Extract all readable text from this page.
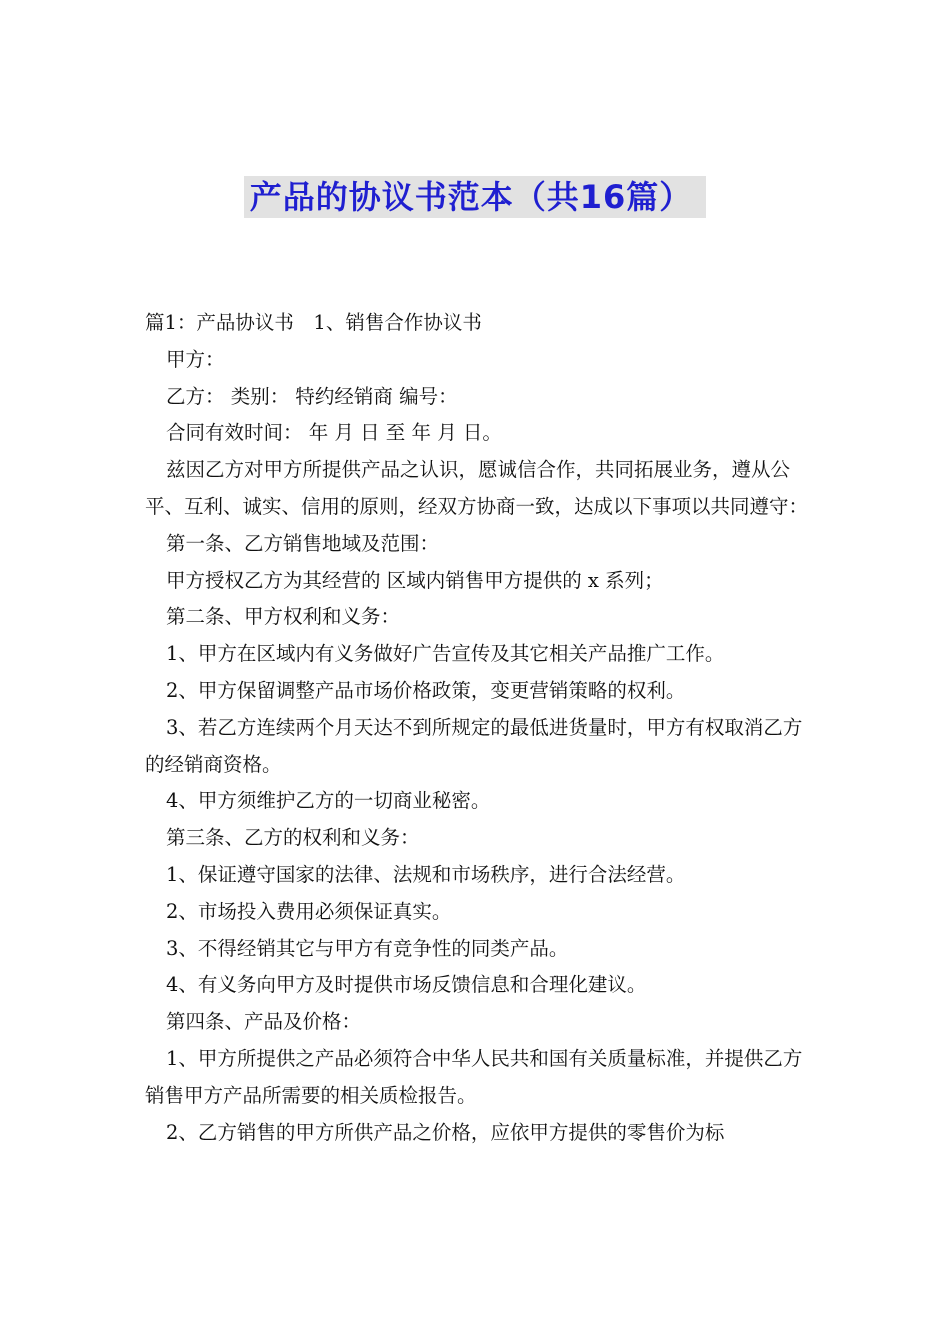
产品的协议书范本（共16篇）

篇1：产品协议书　1、销售合作协议书

甲方：

乙方： 类别： 特约经销商 编号：

合同有效时间： 年 月 日 至 年 月 日。

兹因乙方对甲方所提供产品之认识，愿诚信合作，共同拓展业务，遵从公平、互利、诚实、信用的原则，经双方协商一致，达成以下事项以共同遵守：

第一条、乙方销售地域及范围：

甲方授权乙方为其经营的 区域内销售甲方提供的 x 系列；

第二条、甲方权利和义务：

1、甲方在区域内有义务做好广告宣传及其它相关产品推广工作。

2、甲方保留调整产品市场价格政策，变更营销策略的权利。

3、若乙方连续两个月天达不到所规定的最低进货量时，甲方有权取消乙方的经销商资格。

4、甲方须维护乙方的一切商业秘密。

第三条、乙方的权利和义务：

1、保证遵守国家的法律、法规和市场秩序，进行合法经营。

2、市场投入费用必须保证真实。

3、不得经销其它与甲方有竞争性的同类产品。

4、有义务向甲方及时提供市场反馈信息和合理化建议。

第四条、产品及价格：

1、甲方所提供之产品必须符合中华人民共和国有关质量标准，并提供乙方销售甲方产品所需要的相关质检报告。

2、乙方销售的甲方所供产品之价格，应依甲方提供的零售价为标
